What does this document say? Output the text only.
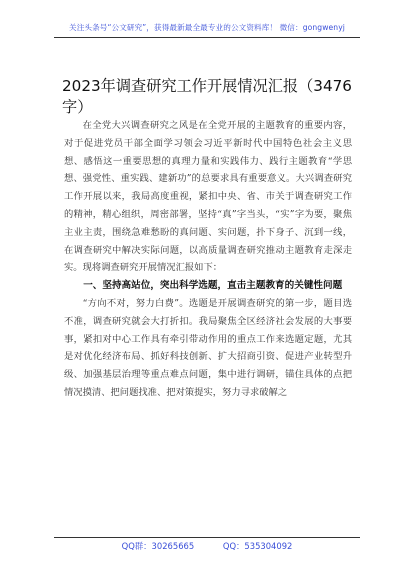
关注头条号“公文研究”，获得最新最全最专业的公文资料库！ 微信：gongwenyj
2023年调查研究工作开展情况汇报（3476字）

在全党大兴调查研究之风是在全党开展的主题教育的重要内容，对于促进党员干部全面学习领会习近平新时代中国特色社会主义思想、感悟这一重要思想的真理力量和实践伟力、践行主题教育“学思想、强党性、重实践、建新功”的总要求具有重要意义。大兴调查研究工作开展以来，我局高度重视，紧扣中央、省、市关于调查研究工作的精神，精心组织，周密部署，坚持“真”字当头，“实”字为要，聚焦主业主责，围绕急难愁盼的真问题、实问题，扑下身子、沉到一线，在调查研究中解决实际问题，以高质量调查研究推动主题教育走深走实。现将调查研究开展情况汇报如下：

一、坚持高站位，突出科学选题，直击主题教育的关键性问题

“方向不对，努力白费”。选题是开展调查研究的第一步，题目选不准，调查研究就会大打折扣。我局聚焦全区经济社会发展的大事要事，紧扣对中心工作具有牵引带动作用的重点工作来选题定题，尤其是对优化经济布局、抓好科技创新、扩大招商引资、促进产业转型升级、加强基层治理等重点难点问题，集中进行调研，锚住具体的点把情况摸清、把问题找准、把对策提实，努力寻求破解之

QQ群：30265665	QQ：535304092
